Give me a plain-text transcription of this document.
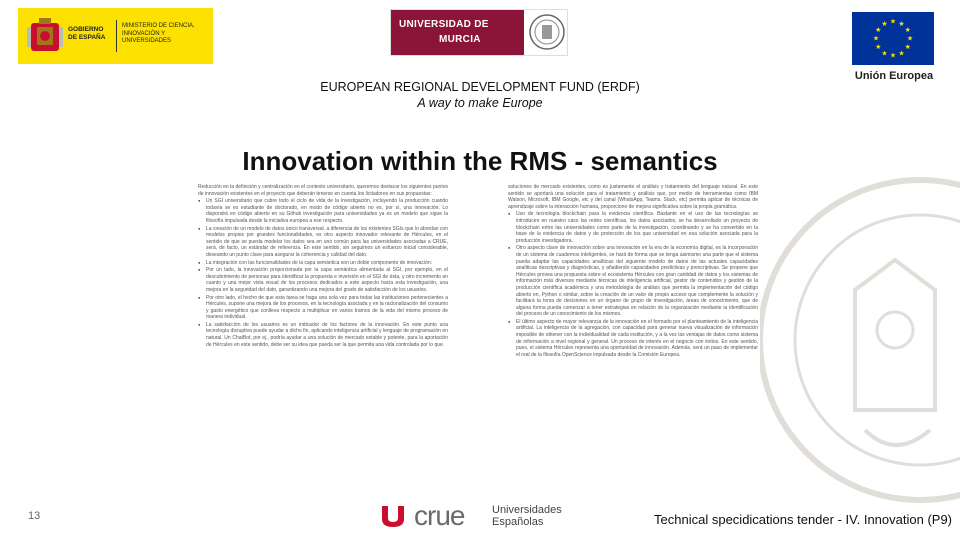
GOBIERNO DE ESPAÑA
MINISTERIO DE CIENCIA, INNOVACIÓN Y UNIVERSIDADES
UNIVERSIDAD DE
MURCIA	★
★
★
★
★
★
★
★
★ ★ ★
★
Unión Europea
EUROPEAN REGIONAL DEVELOPMENT FUND (ERDF)
A way to make Europe
Innovation within the RMS - semantics
Reducción en la definición y centralización en el contexto universitario, queremos destacar los siguientes puntos de innovación existentes en el proyecto que deberán tenerse en cuenta los licitadores en sus propuestas:
● Un SGI universitario que cubre todo el ciclo de vida de la investigación, incluyendo la producción cuando todavía se es estudiante de doctorado, en modo de código abierto no es, por sí, una innovación. Lo dispondrá en código abierto en su Github investigación para universidades ya es un modelo que sigue la filosofía impulsada desde la iniciativa europea a ese respecto.
● La creación de un modelo de datos único transversal, a diferencia de los existentes SGIs que lo abordan con modelos propios por grandes funcionalidades, es otro aspecto innovador relevante de Hércules, en el sentido de que se pueda modelar los datos sea en uno común para las universidades asociadas a CRUE, será, de facto, un estándar de referencia. En este sentido, sin seguimos un esfuerzo inicial considerable, deseando un punto clave para asegurar la coherencia y calidad del dato.
● La integración con las funcionalidades de la capa semántica son un doble componente de innovación:
● Por un lado, la innovación proporcionada por la capa semántica alimentada al SGI, por ejemplo, en el descubrimiento de personas para identificar la propuesta e inversión en el SGI de ésta, y otro incremento en cuanto y una mejor vista visual de los procesos dedicados a este aspecto hacia esta investigación, una mejora en la seguridad del dato, garantizando una mejora del grado de satisfacción de los usuarios.
● Por otro lado, el hecho de que esta tarea se haga una sola vez para todas las instituciones pertenecientes a Hércules, supone una mejora de los procesos, en la tecnología asociada y en la racionalización del consumo y gasto energético que conlleva respecto a multiplicar en varios tramos de la vida del mismo proceso de manera individual.
● La satisfacción de los usuarios es un indicador de los factores de la innovación. En este punto una tecnología disruptiva puede ayudar a dicho fin, aplicando inteligencia artificial y lenguaje de programación en natural. Un ChatBot, por ej., podría ayudar a una solución de mercado estable y potente, para la aportación de Hércules en este sentido, debe ser su idea que pueda ser la que permita una vida controlada por lo que.
soluciones de mercado existentes, como es justamente el análisis y tratamiento del lenguaje natural. En este sentido se aportará una solución para el tratamiento y análisis que, por medio de herramientas como IBM Watson, Microsoft, IBM Google, etc y del canal (WhatsApp, Teams, Slack, etc) permita aplicar de técnicas de aprendizaje sobre la interacción humana, proporcione de mejora significativa sobre la propia gramática.
● Uso de tecnología blockchain para la evidencia científica. Bastante en el uso de las tecnologías se introducen en nuestro caso las redes científicas, los datos asociados, se ha desarrollado un proyecto de blockchain entre las universidades como parte de la investigación, coordinando y se ha convertido en la base de la evidencia de datos y de protección de los que universidad en esa solución asociada para la producción investigadora.
● Otro aspecto clave de innovación sobre una innovación en la era de la economía digital, es la incorporación de un sistema de cuadernos inteligentes, se hará de forma que se tenga asimismo una parte que el sistema pueda adaptar las capacidades analíticas del siguiente modelo de datos de las actuales capacidades analíticas descriptivas y diagnósticas, y añadiendo capacidades predictivas y prescriptivas. Se propone que Hércules provea una propuesta sobre el ecosistema Hércules con gran cantidad de datos y los sistemas de información más diversos mediante técnicas de inteligencia artificial, gestor de contenidos y gestión de la producción científica académica y una metodología de análisis que permita la implementación del código abierto en, Python o similar, sobre la creación de un valor de propio acceso que complemente la solución y facilitará la toma de decisiones en un órgano de grupo de investigación, áreas de conocimiento, que de alguna forma pueda comenzar a tener estrategias en relación de la organización mediante la identificación del proceso de un conocimiento de los mismos.
● El último aspecto de mayor relevancia de la innovación en el formado por el planteamiento de la inteligencia artificial. La inteligencia de la agregación, con capacidad para generar nueva visualización de información imposible de obtener con la individualidad de cada institución, y a la vez las ventajas de datos como sistema de información a nivel regional y general. Un proceso de interés en el negocio con éxitos. En este sentido, pues, el sistema Hércules representa una oportunidad de innovación. Además, será un paso de implementar el real de la filosofía OpenScience impulsada desde la Comisión Europea.
13	crue	Universidades
Españolas	Technical specidications tender - IV. Innovation (P9)
